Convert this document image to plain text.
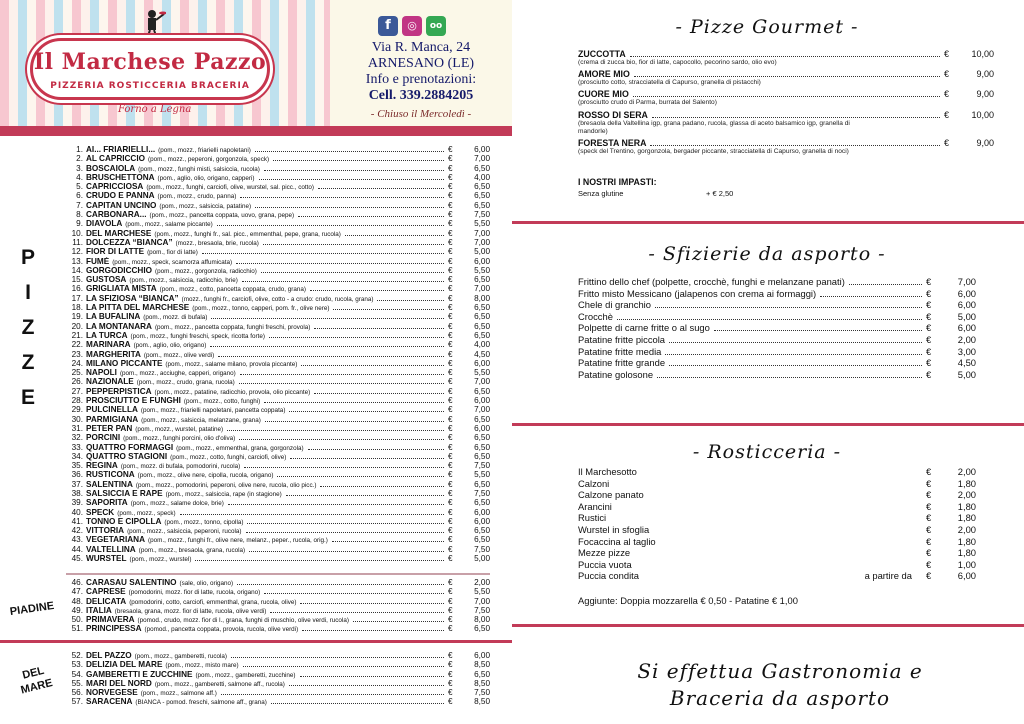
Il Marchese Pazzo
PIZZERIA ROSTICCERIA BRACERIA
Forno a Legna
f	◎	oo
Via R. Manca, 24
ARNESANO (LE)
Info e prenotazioni:
Cell. 339.2884205
- Chiuso il Mercoledì -
P
I
Z
Z
E
PIADINE
DEL
MARE
1. AI... FRIARIELLI... (pom., mozz., friarielli napoletani)	€	6,00
2. AL CAPRICCIO (pom., mozz., peperoni, gorgonzola, speck)	€	7,00
3. BOSCAIOLA (pom., mozz., funghi misti, salsiccia, rucola)	€	6,50
4. BRUSCHETTONA (pom., aglio, olio, origano, capperi)	€	4,00
5. CAPRICCIOSA (pom., mozz., funghi, carciofi, olive, wurstel, sal. picc., cotto)	€	6,50
6. CRUDO E PANNA (pom., mozz., crudo, panna)	€	6,50
7. CAPITAN UNCINO (pom., mozz., salsiccia, patatine)	€	6,50
8. CARBONARA... (pom., mozz., pancetta coppata, uovo, grana, pepe)	€	7,50
9. DIAVOLA (pom., mozz., salame piccante)	€	5,50
10. DEL MARCHESE (pom., mozz., funghi fr., sal. picc., emmenthal, pepe, grana, rucola)	€	7,00
11. DOLCEZZA “BIANCA” (mozz., bresaola, brie, rucola)	€	7,00
12. FIOR DI LATTE (pom., fior di latte)	€	5,00
13. FUMÈ (pom., mozz., speck, scamorza affumicata)	€	6,00
14. GORGODICCHIO (pom., mozz., gorgonzola, radicchio)	€	5,50
15. GUSTOSA (pom., mozz., salsiccia, radicchio, brie)	€	6,50
16. GRIGLIATA MISTA (pom., mozz., cotto, pancetta coppata, crudo, grana)	€	7,00
17. LA SFIZIOSA “BIANCA” (mozz., funghi fr., carciofi, olive, cotto - a crudo: crudo, rucola, grana)	€	8,00
18. LA PITTA DEL MARCHESE (pom., mozz., tonno, capperi, pom. fr., olive nere)	€	6,50
19. LA BUFALINA (pom., mozz. di bufala)	€	6,50
20. LA MONTANARA (pom., mozz., pancetta coppata, funghi freschi, provola)	€	6,50
21. LA TURCA (pom., mozz., funghi freschi, speck, ricotta forte)	€	6,50
22. MARINARA (pom., aglio, olio, origano)	€	4,00
23. MARGHERITA (pom., mozz., olive verdi)	€	4,50
24. MILANO PICCANTE (pom., mozz., salame milano, provola piccante)	€	6,00
25. NAPOLI (pom., mozz., acciughe, capperi, origano)	€	5,50
26. NAZIONALE (pom., mozz., crudo, grana, rucola)	€	7,00
27. PEPPERPISTICA (pom., mozz., patatine, radicchio, provola, olio piccante)	€	6,50
28. PROSCIUTTO E FUNGHI (pom., mozz., cotto, funghi)	€	6,00
29. PULCINELLA (pom., mozz., friarielli napoletani, pancetta coppata)	€	7,00
30. PARMIGIANA (pom., mozz., salsiccia, melanzane, grana)	€	6,50
31. PETER PAN (pom., mozz., wurstel, patatine)	€	6,00
32. PORCINI (pom., mozz., funghi porcini, olio d'oliva)	€	6,50
33. QUATTRO FORMAGGI (pom., mozz., emmenthal, grana, gorgonzola)	€	6,50
34. QUATTRO STAGIONI (pom., mozz., cotto, funghi, carciofi, olive)	€	6,50
35. REGINA (pom., mozz. di bufala, pomodorini, rucola)	€	7,50
36. RUSTICONA (pom., mozz., olive nere, cipolla, rucola, origano)	€	5,50
37. SALENTINA (pom., mozz., pomodorini, peperoni, olive nere, rucola, olio picc.)	€	6,50
38. SALSICCIA E RAPE (pom., mozz., salsiccia, rape (in stagione)	€	7,50
39. SAPORITA (pom., mozz., salame dolce, brie)	€	6,50
40. SPECK (pom., mozz., speck)	€	6,00
41. TONNO E CIPOLLA (pom., mozz., tonno, cipolla)	€	6,00
42. VITTORIA (pom., mozz., salsiccia, peperoni, rucola)	€	6,50
43. VEGETARIANA (pom., mozz., funghi fr., olive nere, melanz., peper., rucola, orig.)	€	6,50
44. VALTELLINA (pom., mozz., bresaola, grana, rucola)	€	7,50
45. WURSTEL (pom., mozz., wurstel)	€	5,00
46. CARASAU SALENTINO (sale, olio, origano)	€	2,00
47. CAPRESE (pomodorini, mozz. fior di latte, rucola, origano)	€	5,50
48. DELICATA (pomodorini, cotto, carciofi, emmenthal, grana, rucola, olive)	€	7,00
49. ITALIA (bresaola, grana, mozz. fior di latte, rucola, olive verdi)	€	7,50
50. PRIMAVERA (pomod., crudo, mozz. fior di l., grana, funghi di muschio, olive verdi, rucola)	€	8,00
51. PRINCIPESSA (pomod., pancetta coppata, provola, rucola, olive verdi)	€	6,50
52. DEL PAZZO (pom., mozz., gamberetti, rucola)	€	6,00
53. DELIZIA DEL MARE (pom., mozz., misto mare)	€	8,50
54. GAMBERETTI E ZUCCHINE (pom., mozz., gamberetti, zucchine)	€	6,50
55. MARI DEL NORD (pom., mozz., gamberetti, salmone aff., rucola)	€	8,50
56. NORVEGESE (pom., mozz., salmone aff.)	€	7,50
57. SARACENA (BIANCA - pomod. freschi, salmone aff., grana)	€	8,50
- Pizze Gourmet -
ZUCCOTTA	€ 10,00
(crema di zucca bio, fior di latte, capocollo, pecorino sardo, olio evo)
AMORE MIO	€	9,00
(prosciutto cotto, stracciatella di Capurso, granella di pistacchi)
CUORE MIO	€	9,00
(prosciutto crudo di Parma, burrata del Salento)
ROSSO DI SERA	€ 10,00
(bresaola della Valtellina igp, grana padano, rucola, glassa di aceto balsamico igp, granella di mandorle)
FORESTA NERA	€	9,00
(speck del Trentino, gorgonzola, bergader piccante, stracciatella di Capurso, granella di noci)
I NOSTRI IMPASTI:
Senza glutine	+ € 2,50
- Sfizierie da asporto -
Frittino dello chef (polpette, crocchè, funghi e melanzane panati)	€	7,00
Fritto misto Messicano (jalapenos con crema ai formaggi)	€	6,00
Chele di granchio	€	6,00
Crocchè	€	5,00
Polpette di carne fritte o al sugo	€	6,00
Patatine fritte piccola	€	2,00
Patatine fritte media	€	3,00
Patatine fritte grande	€	4,50
Patatine golosone	€	5,00
- Rosticceria -
Il Marchesotto	€	2,00
Calzoni	€	1,80
Calzone panato	€	2,00
Arancini	€	1,80
Rustici	€	1,80
Wurstel in sfoglia	€	2,00
Focaccina al taglio	€	1,80
Mezze pizze	€	1,80
Puccia vuota	€	1,00
Puccia condita	a partire da	€	6,00
Aggiunte: Doppia mozzarella € 0,50 - Patatine € 1,00
Si effettua Gastronomia e
Braceria da asporto
